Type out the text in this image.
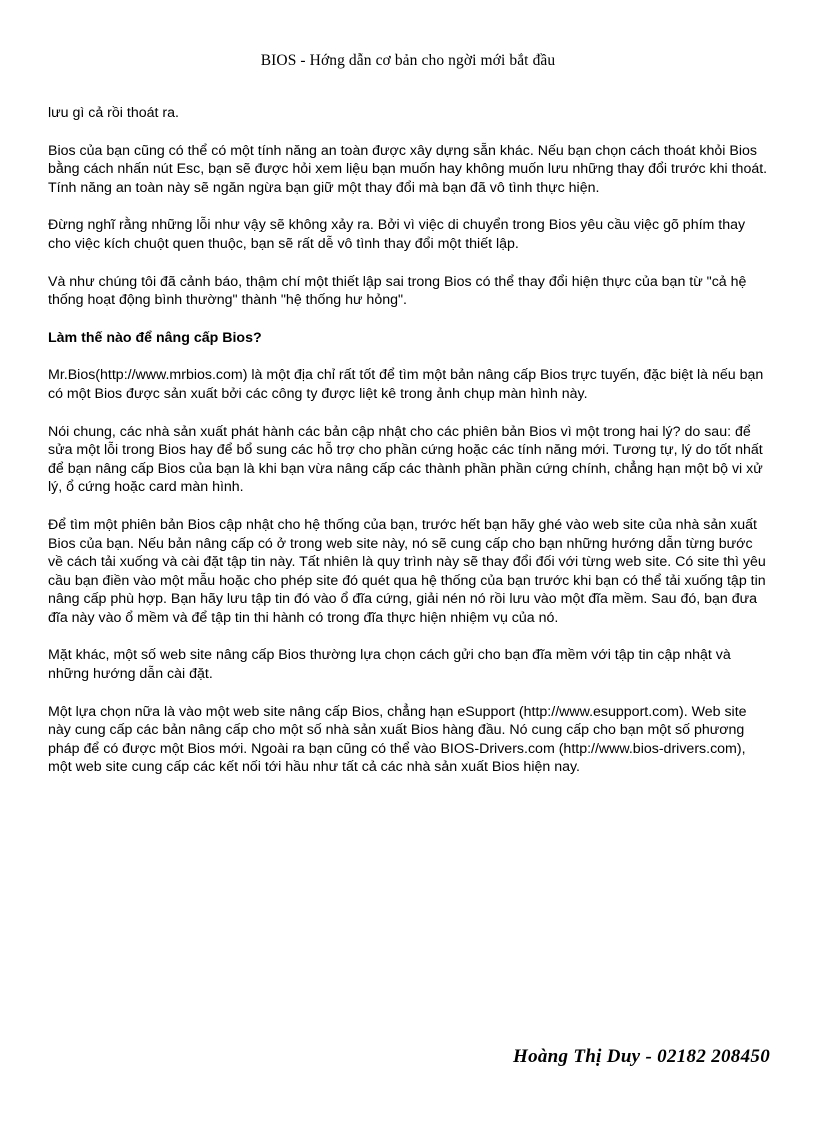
BIOS - Hớng dẫn cơ bản cho ngời mới bắt đầu

lưu gì cả rồi thoát ra.

Bios của bạn cũng có thể có một tính năng an toàn được xây dựng sẵn khác. Nếu bạn chọn cách thoát khỏi Bios bằng cách nhấn nút Esc, bạn sẽ được hỏi xem liệu bạn muốn hay không muốn lưu những thay đổi trước khi thoát. Tính năng an toàn này sẽ ngăn ngừa bạn giữ một thay đổi mà bạn đã vô tình thực hiện.

Đừng nghĩ rằng những lỗi như vậy sẽ không xảy ra. Bởi vì việc di chuyển trong Bios yêu cầu việc gõ phím thay cho việc kích chuột quen thuộc, bạn sẽ rất dễ vô tình thay đổi một thiết lập.

Và như chúng tôi đã cảnh báo, thậm chí một thiết lập sai trong Bios có thể thay đổi hiện thực của bạn từ "cả hệ thống hoạt động bình thường" thành "hệ thống hư hỏng".

Làm thế nào để nâng cấp Bios?

Mr.Bios(http://www.mrbios.com) là một địa chỉ rất tốt để tìm một bản nâng cấp Bios trực tuyến, đặc biệt là nếu bạn có một Bios được sản xuất bởi các công ty được liệt kê trong ảnh chụp màn hình này.

Nói chung, các nhà sản xuất phát hành các bản cập nhật cho các phiên bản Bios vì một trong hai lý? do sau: để sửa một lỗi trong Bios hay để bổ sung các hỗ trợ cho phần cứng hoặc các tính năng mới. Tương tự, lý do tốt nhất để bạn nâng cấp Bios của bạn là khi bạn vừa nâng cấp các thành phần phần cứng chính, chẳng hạn một bộ vi xử lý, ổ cứng hoặc card màn hình.

Để tìm một phiên bản Bios cập nhật cho hệ thống của bạn, trước hết bạn hãy ghé vào web site của nhà sản xuất Bios của bạn. Nếu bản nâng cấp có ở trong web site này, nó sẽ cung cấp cho bạn những hướng dẫn từng bước về cách tải xuống và cài đặt tập tin này. Tất nhiên là quy trình này sẽ thay đổi đối với từng web site. Có site thì yêu cầu bạn điền vào một mẫu hoặc cho phép site đó quét qua hệ thống của bạn trước khi bạn có thể tải xuống tập tin nâng cấp phù hợp. Bạn hãy lưu tập tin đó vào ổ đĩa cứng, giải nén nó rồi lưu vào một đĩa mềm. Sau đó, bạn đưa đĩa này vào ổ mềm và để tập tin thi hành có trong đĩa thực hiện nhiệm vụ của nó.

Mặt khác, một số web site nâng cấp Bios thường lựa chọn cách gửi cho bạn đĩa mềm với tập tin cập nhật và những hướng dẫn cài đặt.

Một lựa chọn nữa là vào một web site nâng cấp Bios, chẳng hạn eSupport (http://www.esupport.com). Web site này cung cấp các bản nâng cấp cho một số nhà sản xuất Bios hàng đầu. Nó cung cấp cho bạn một số phương pháp để có được một Bios mới. Ngoài ra bạn cũng có thể vào BIOS-Drivers.com (http://www.bios-drivers.com), một web site cung cấp các kết nối tới hầu như tất cả các nhà sản xuất Bios hiện nay.

Hoàng Thị Duy - 02182 208450
